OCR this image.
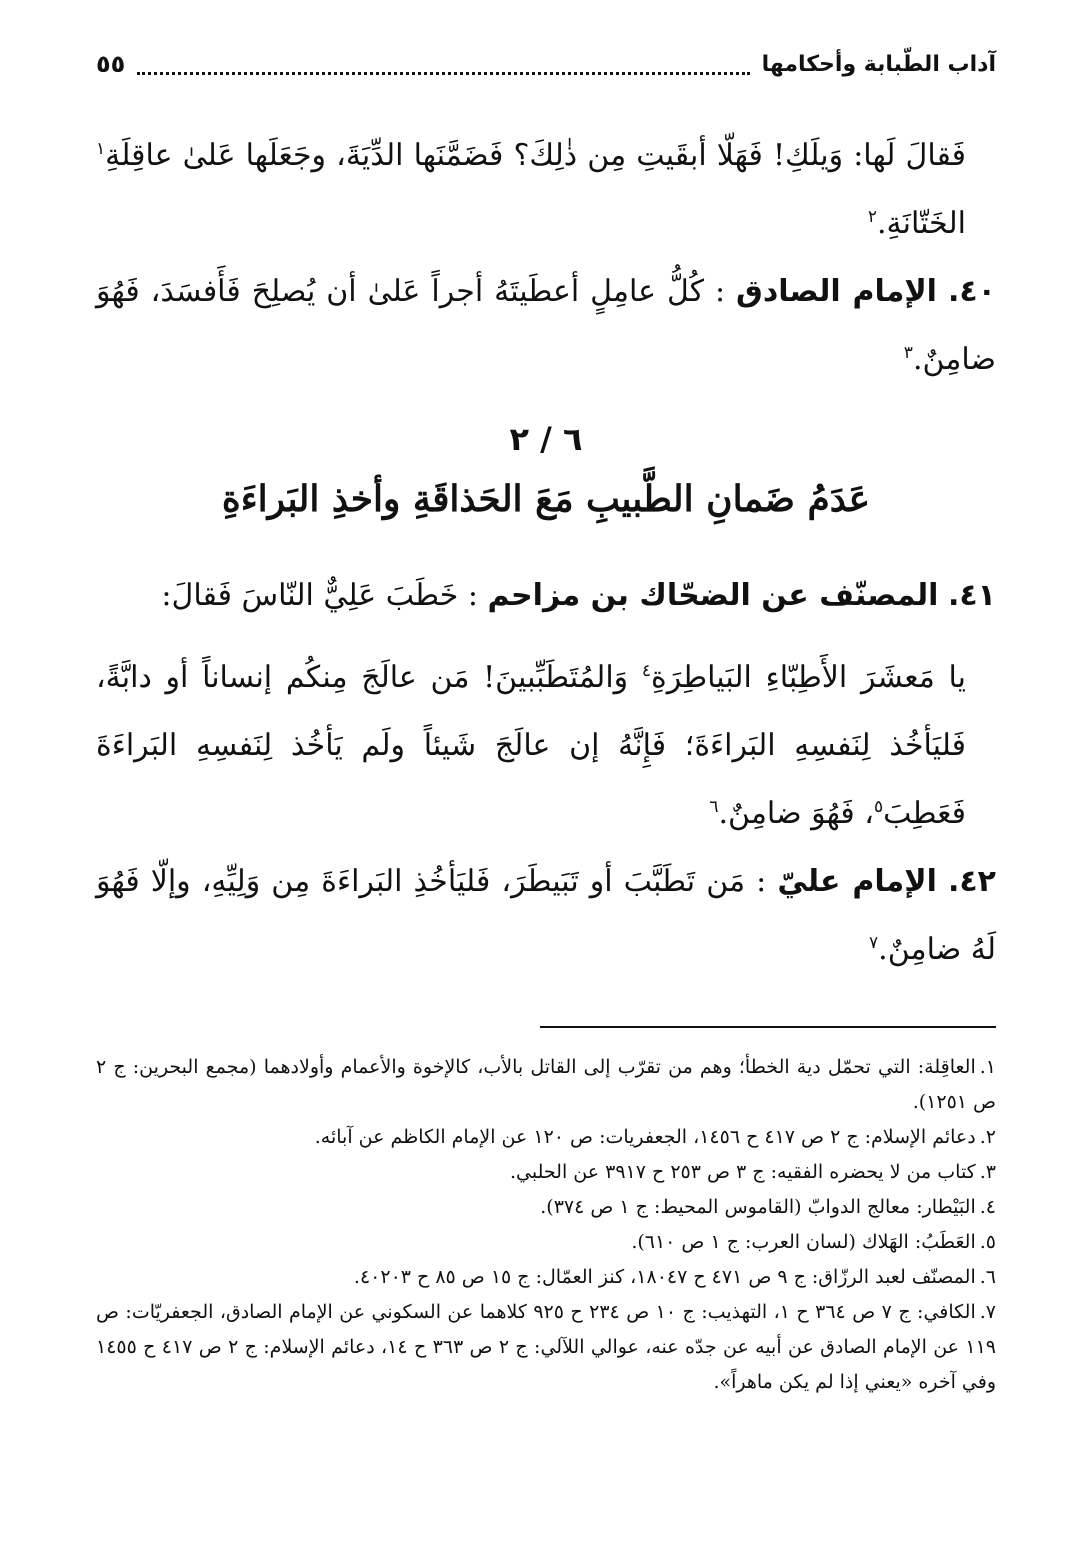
آداب الطّبابة وأحكامها
٥٥

فَقالَ لَها: وَيلَكِ! فَهَلّا أبقَيتِ مِن ذٰلِكَ؟ فَضَمَّنَها الدِّيَةَ، وجَعَلَها عَلىٰ عاقِلَةِ$^١$ الخَتّانَةِ.$^٢$

٤٠. الإمام الصادق : كُلُّ عامِلٍ أعطَيتَهُ أجراً عَلىٰ أن يُصلِحَ فَأَفسَدَ، فَهُوَ ضامِنٌ.$^٣$

٦ / ٢
عَدَمُ ضَمانِ الطَّبيبِ مَعَ الحَذاقَةِ وأخذِ البَراءَةِ

٤١. المصنّف عن الضحّاك بن مزاحم : خَطَبَ عَلِيٌّ النّاسَ فَقالَ:

يا مَعشَرَ الأَطِبّاءِ البَياطِرَةِ$^٤$ وَالمُتَطَبِّبينَ! مَن عالَجَ مِنكُم إنساناً أو دابَّةً، فَليَأخُذ لِنَفسِهِ البَراءَةَ؛ فَإِنَّهُ إن عالَجَ شَيئاً ولَم يَأخُذ لِنَفسِهِ البَراءَةَ فَعَطِبَ$^٥$، فَهُوَ ضامِنٌ.$^٦$

٤٢. الإمام عليّ : مَن تَطَبَّبَ أو تَبَيطَرَ، فَليَأخُذِ البَراءَةَ مِن وَلِيِّهِ، وإلّا فَهُوَ لَهُ ضامِنٌ.$^٧$

١.العاقِلة: التي تحمّل دية الخطأ؛ وهم من تقرّب إلى القاتل بالأب، كالإخوة والأعمام وأولادهما (مجمع البحرين: ج ٢ ص ١٢٥١).
٢.دعائم الإسلام: ج ٢ ص ٤١٧ ح ١٤٥٦، الجعفريات: ص ١٢٠ عن الإمام الكاظم عن آبائه.
٣.كتاب من لا يحضره الفقيه: ج ٣ ص ٢٥٣ ح ٣٩١٧ عن الحلبي.
٤.البَيْطار: معالج الدوابّ (القاموس المحيط: ج ١ ص ٣٧٤).
٥.العَطَبُ: الهَلاك (لسان العرب: ج ١ ص ٦١٠).
٦.المصنّف لعبد الرزّاق: ج ٩ ص ٤٧١ ح ١٨٠٤٧، كنز العمّال: ج ١٥ ص ٨٥ ح ٤٠٢٠٣.
٧.الكافي: ج ٧ ص ٣٦٤ ح ١، التهذيب: ج ١٠ ص ٢٣٤ ح ٩٢٥ كلاهما عن السكوني عن الإمام الصادق، الجعفريّات: ص ١١٩ عن الإمام الصادق عن أبيه عن جدّه عنه، عوالي اللآلي: ج ٢ ص ٣٦٣ ح ١٤، دعائم الإسلام: ج ٢ ص ٤١٧ ح ١٤٥٥ وفي آخره «يعني إذا لم يكن ماهراً».
